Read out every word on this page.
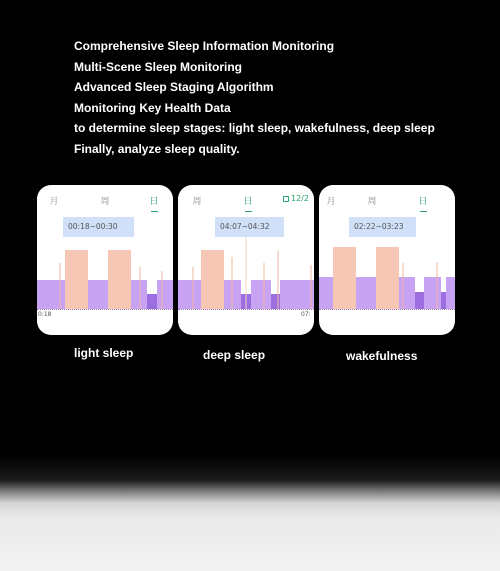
Comprehensive Sleep Information Monitoring
Multi-Scene Sleep Monitoring
Advanced Sleep Staging Algorithm
Monitoring Key Health Data
to determine sleep stages: light sleep, wakefulness, deep sleep
Finally, analyze sleep quality.
月	周	日
00:18~00:30
0:18
周	日	12/2
04:07~04:32
07:
月	周	日
02:22~03:23
light sleep	deep sleep	wakefulness
